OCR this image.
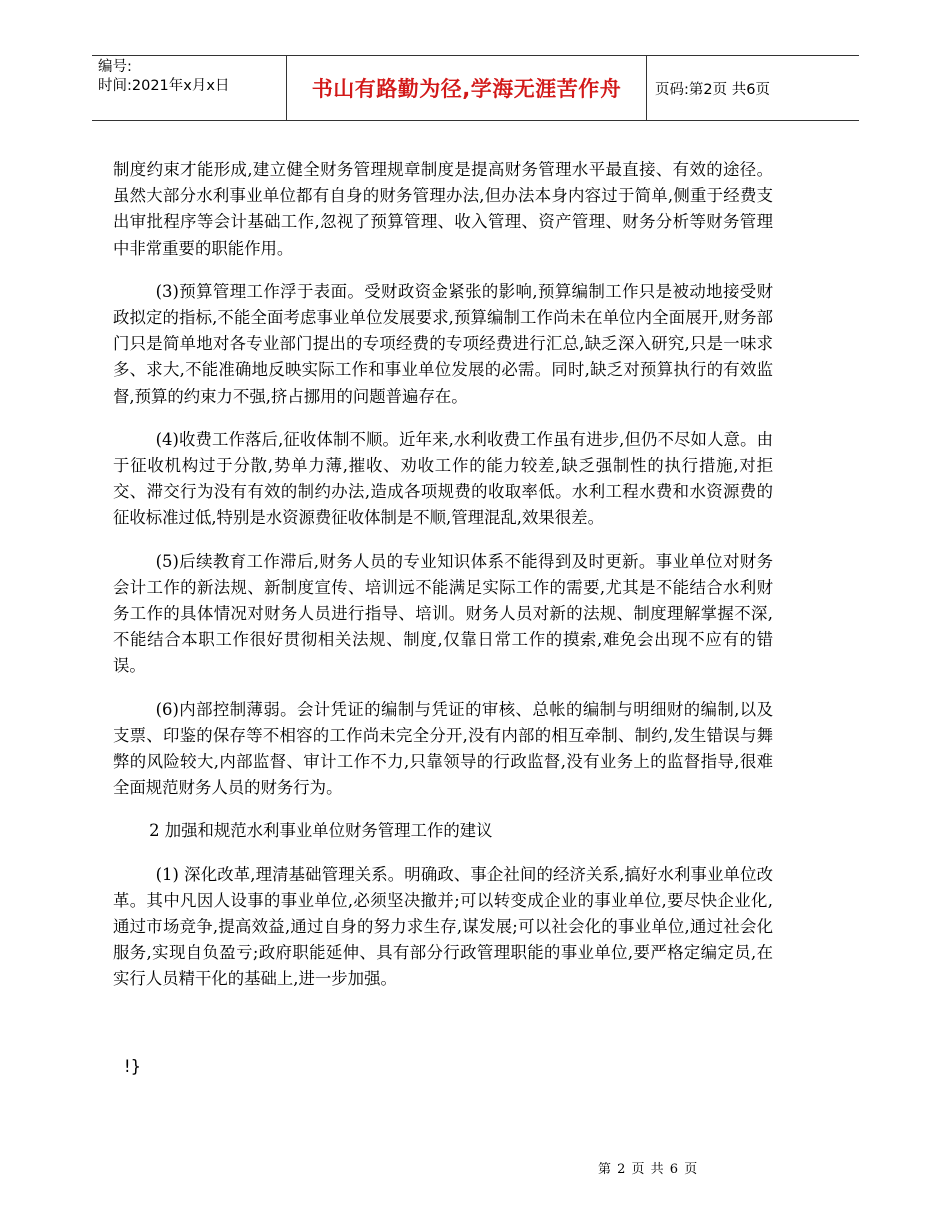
编号:
时间:2021年x月x日	书山有路勤为径,学海无涯苦作舟	页码:第2页 共6页

制度约束才能形成,建立健全财务管理规章制度是提高财务管理水平最直接、有效的途径。虽然大部分水利事业单位都有自身的财务管理办法,但办法本身内容过于简单,侧重于经费支出审批程序等会计基础工作,忽视了预算管理、收入管理、资产管理、财务分析等财务管理中非常重要的职能作用。

(3)预算管理工作浮于表面。受财政资金紧张的影响,预算编制工作只是被动地接受财政拟定的指标,不能全面考虑事业单位发展要求,预算编制工作尚未在单位内全面展开,财务部门只是简单地对各专业部门提出的专项经费的专项经费进行汇总,缺乏深入研究,只是一味求多、求大,不能准确地反映实际工作和事业单位发展的必需。同时,缺乏对预算执行的有效监督,预算的约束力不强,挤占挪用的问题普遍存在。

(4)收费工作落后,征收体制不顺。近年来,水利收费工作虽有进步,但仍不尽如人意。由于征收机构过于分散,势单力薄,摧收、劝收工作的能力较差,缺乏强制性的执行措施,对拒交、滞交行为没有有效的制约办法,造成各项规费的收取率低。水利工程水费和水资源费的征收标准过低,特别是水资源费征收体制是不顺,管理混乱,效果很差。

(5)后续教育工作滞后,财务人员的专业知识体系不能得到及时更新。事业单位对财务会计工作的新法规、新制度宣传、培训远不能满足实际工作的需要,尤其是不能结合水利财务工作的具体情况对财务人员进行指导、培训。财务人员对新的法规、制度理解掌握不深,不能结合本职工作很好贯彻相关法规、制度,仅靠日常工作的摸索,难免会出现不应有的错误。

(6)内部控制薄弱。会计凭证的编制与凭证的审核、总帐的编制与明细财的编制,以及支票、印鉴的保存等不相容的工作尚未完全分开,没有内部的相互牵制、制约,发生错误与舞弊的风险较大,内部监督、审计工作不力,只靠领导的行政监督,没有业务上的监督指导,很难全面规范财务人员的财务行为。

2 加强和规范水利事业单位财务管理工作的建议

(1) 深化改革,理清基础管理关系。明确政、事企社间的经济关系,搞好水利事业单位改革。其中凡因人设事的事业单位,必须坚决撤并;可以转变成企业的事业单位,要尽快企业化,通过市场竞争,提高效益,通过自身的努力求生存,谋发展;可以社会化的事业单位,通过社会化服务,实现自负盈亏;政府职能延伸、具有部分行政管理职能的事业单位,要严格定编定员,在实行人员精干化的基础上,进一步加强。

!}
第 2 页 共 6 页
